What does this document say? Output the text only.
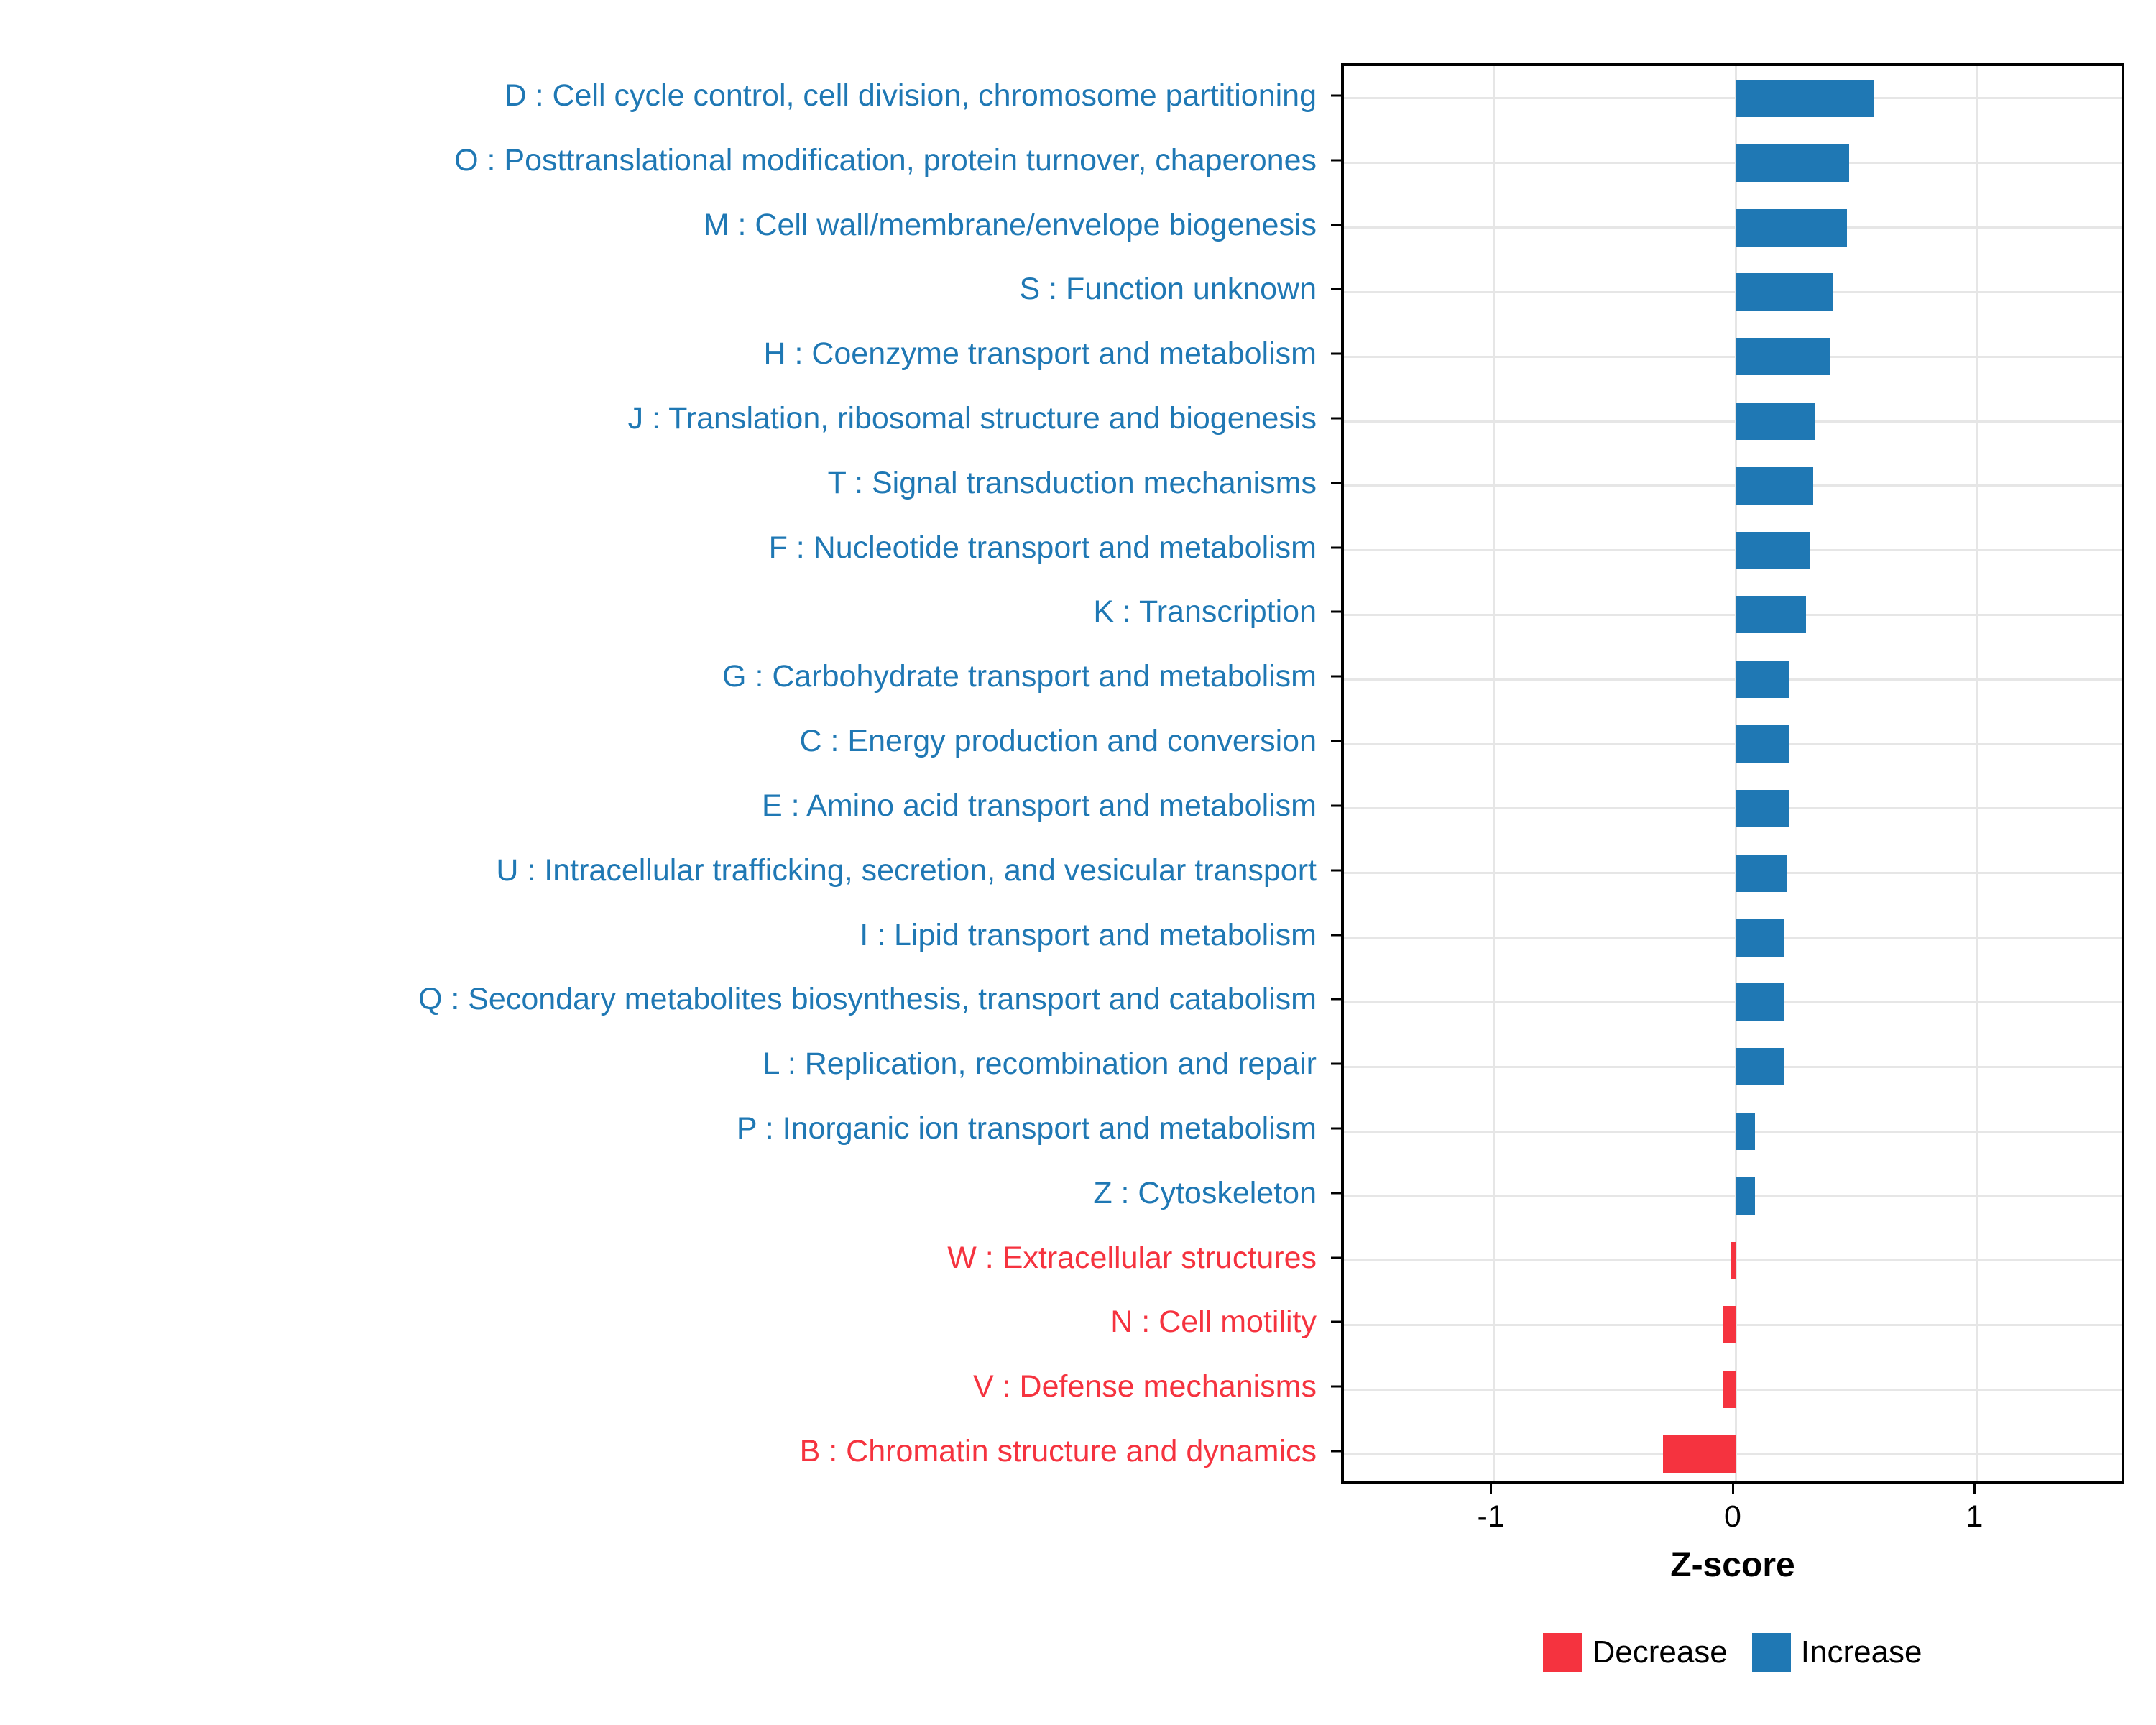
D : Cell cycle control, cell division, chromosome partitioning
O : Posttranslational modification, protein turnover, chaperones
M : Cell wall/membrane/envelope biogenesis
S : Function unknown
H : Coenzyme transport and metabolism
J : Translation, ribosomal structure and biogenesis
T : Signal transduction mechanisms
F : Nucleotide transport and metabolism
K : Transcription
G : Carbohydrate transport and metabolism
C : Energy production and conversion
E : Amino acid transport and metabolism
U : Intracellular trafficking, secretion, and vesicular transport
I : Lipid transport and metabolism
Q : Secondary metabolites biosynthesis, transport and catabolism
L : Replication, recombination and repair
P : Inorganic ion transport and metabolism
Z : Cytoskeleton
W : Extracellular structures
N : Cell motility
V : Defense mechanisms
B : Chromatin structure and dynamics
-1	0	1
Z-score
Decrease Increase
